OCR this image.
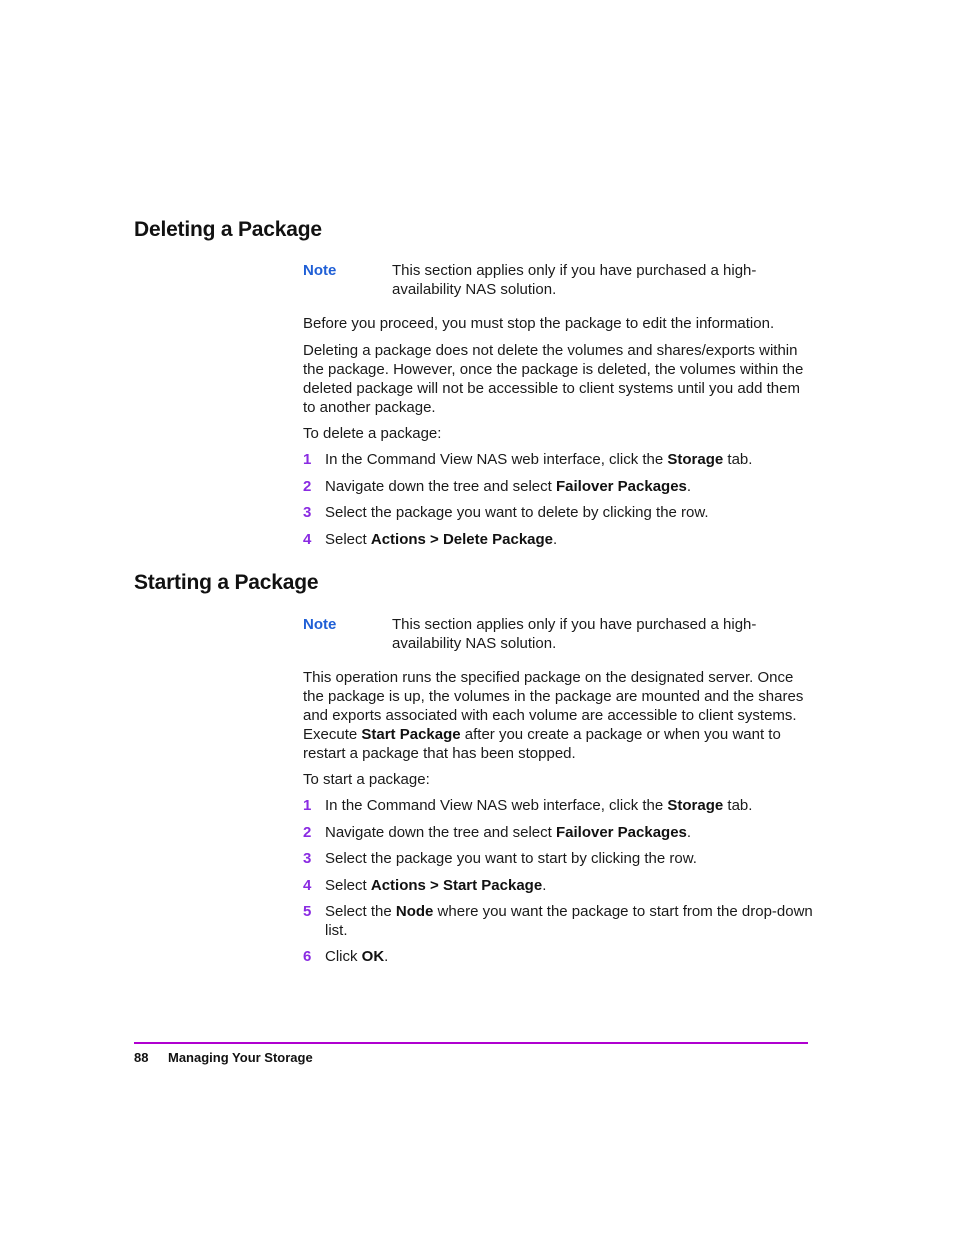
Deleting a Package

Note	This section applies only if you have purchased a high-availability NAS solution.

Before you proceed, you must stop the package to edit the information.

Deleting a package does not delete the volumes and shares/exports within the package. However, once the package is deleted, the volumes within the deleted package will not be accessible to client systems until you add them to another package.

To delete a package:

1 In the Command View NAS web interface, click the Storage tab.
2 Navigate down the tree and select Failover Packages.
3 Select the package you want to delete by clicking the row.
4 Select Actions > Delete Package.
Starting a Package

Note	This section applies only if you have purchased a high-availability NAS solution.

This operation runs the specified package on the designated server. Once the package is up, the volumes in the package are mounted and the shares and exports associated with each volume are accessible to client systems. Execute Start Package after you create a package or when you want to restart a package that has been stopped.

To start a package:

1 In the Command View NAS web interface, click the Storage tab.
2 Navigate down the tree and select Failover Packages.
3 Select the package you want to start by clicking the row.
4 Select Actions > Start Package.
5 Select the Node where you want the package to start from the drop-down list.
6 Click OK.
88 Managing Your Storage
